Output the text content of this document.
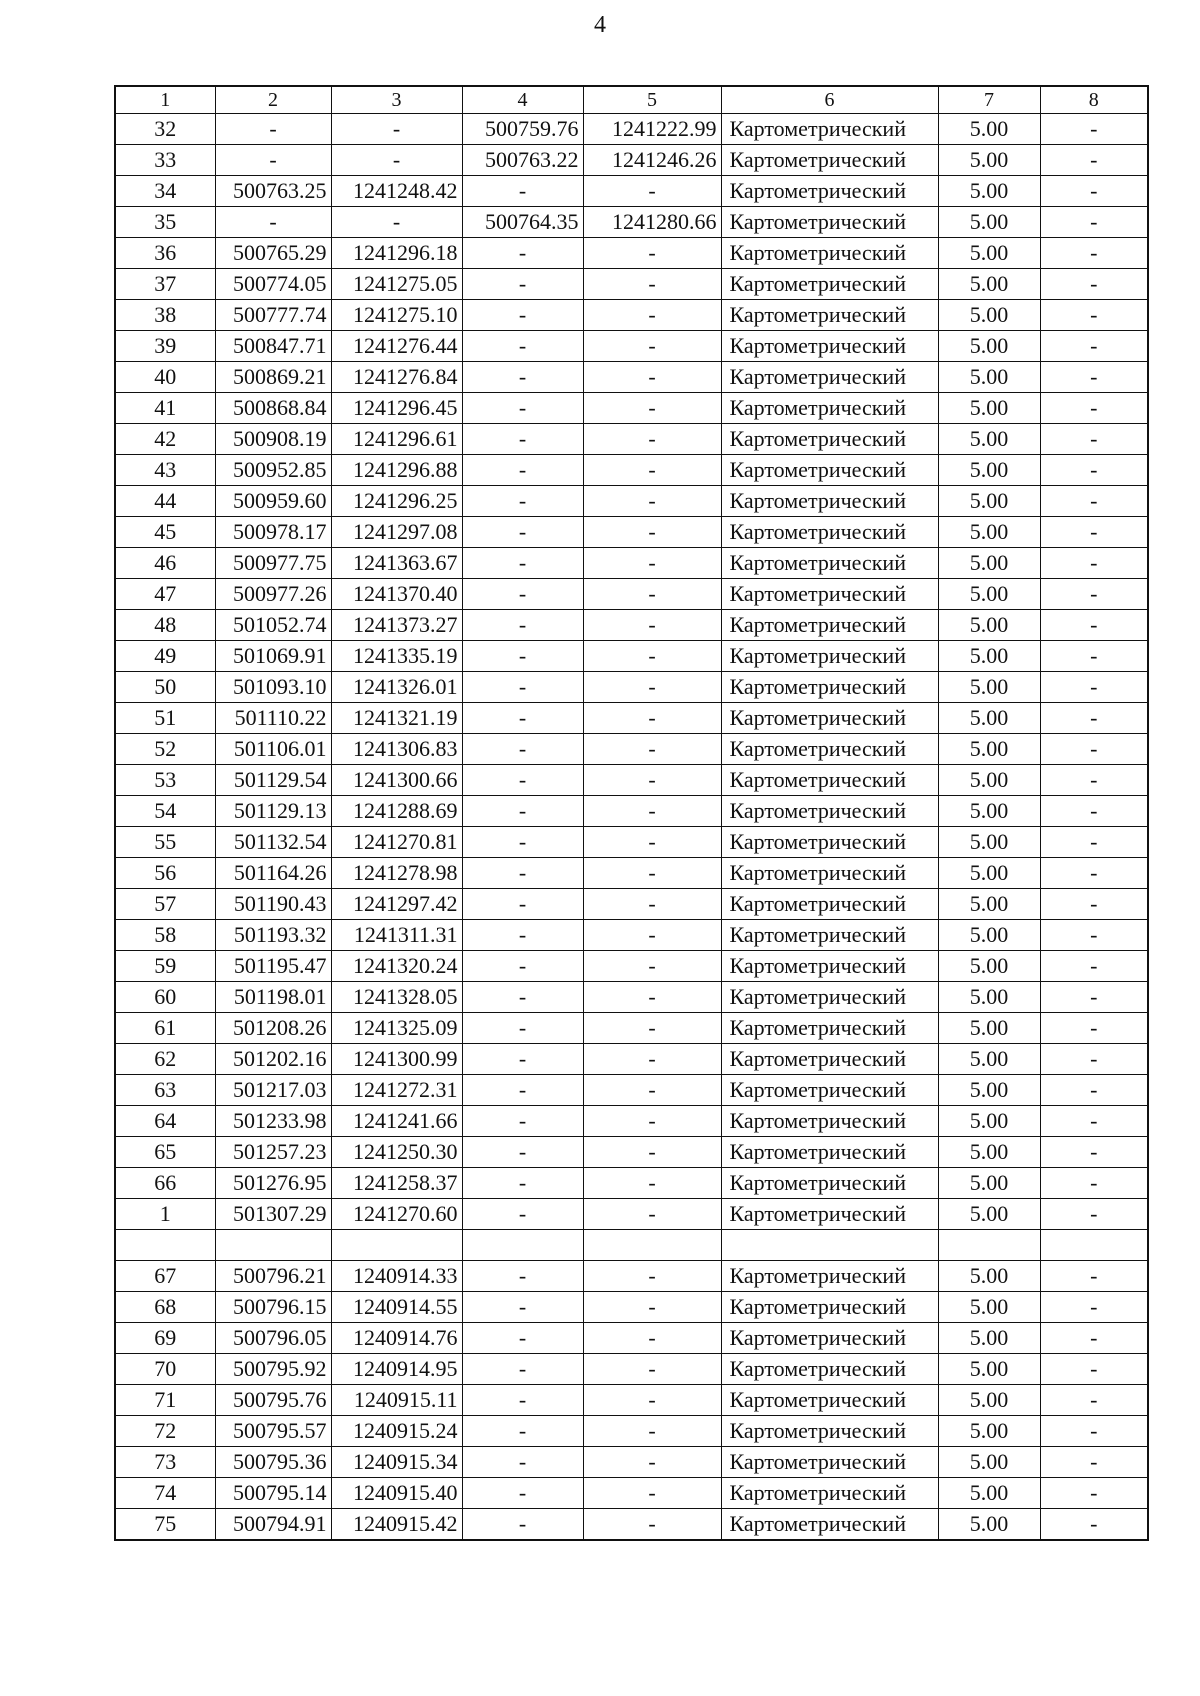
4
1	2	3	4	5	6	7	8
32	-	-	500759.76	1241222.99	Картометрический	5.00	-
33	-	-	500763.22	1241246.26	Картометрический	5.00	-
34	500763.25	1241248.42	-	-	Картометрический	5.00	-
35	-	-	500764.35	1241280.66	Картометрический	5.00	-
36	500765.29	1241296.18	-	-	Картометрический	5.00	-
37	500774.05	1241275.05	-	-	Картометрический	5.00	-
38	500777.74	1241275.10	-	-	Картометрический	5.00	-
39	500847.71	1241276.44	-	-	Картометрический	5.00	-
40	500869.21	1241276.84	-	-	Картометрический	5.00	-
41	500868.84	1241296.45	-	-	Картометрический	5.00	-
42	500908.19	1241296.61	-	-	Картометрический	5.00	-
43	500952.85	1241296.88	-	-	Картометрический	5.00	-
44	500959.60	1241296.25	-	-	Картометрический	5.00	-
45	500978.17	1241297.08	-	-	Картометрический	5.00	-
46	500977.75	1241363.67	-	-	Картометрический	5.00	-
47	500977.26	1241370.40	-	-	Картометрический	5.00	-
48	501052.74	1241373.27	-	-	Картометрический	5.00	-
49	501069.91	1241335.19	-	-	Картометрический	5.00	-
50	501093.10	1241326.01	-	-	Картометрический	5.00	-
51	501110.22	1241321.19	-	-	Картометрический	5.00	-
52	501106.01	1241306.83	-	-	Картометрический	5.00	-
53	501129.54	1241300.66	-	-	Картометрический	5.00	-
54	501129.13	1241288.69	-	-	Картометрический	5.00	-
55	501132.54	1241270.81	-	-	Картометрический	5.00	-
56	501164.26	1241278.98	-	-	Картометрический	5.00	-
57	501190.43	1241297.42	-	-	Картометрический	5.00	-
58	501193.32	1241311.31	-	-	Картометрический	5.00	-
59	501195.47	1241320.24	-	-	Картометрический	5.00	-
60	501198.01	1241328.05	-	-	Картометрический	5.00	-
61	501208.26	1241325.09	-	-	Картометрический	5.00	-
62	501202.16	1241300.99	-	-	Картометрический	5.00	-
63	501217.03	1241272.31	-	-	Картометрический	5.00	-
64	501233.98	1241241.66	-	-	Картометрический	5.00	-
65	501257.23	1241250.30	-	-	Картометрический	5.00	-
66	501276.95	1241258.37	-	-	Картометрический	5.00	-
1	501307.29	1241270.60	-	-	Картометрический	5.00	-

67	500796.21	1240914.33	-	-	Картометрический	5.00	-
68	500796.15	1240914.55	-	-	Картометрический	5.00	-
69	500796.05	1240914.76	-	-	Картометрический	5.00	-
70	500795.92	1240914.95	-	-	Картометрический	5.00	-
71	500795.76	1240915.11	-	-	Картометрический	5.00	-
72	500795.57	1240915.24	-	-	Картометрический	5.00	-
73	500795.36	1240915.34	-	-	Картометрический	5.00	-
74	500795.14	1240915.40	-	-	Картометрический	5.00	-
75	500794.91	1240915.42	-	-	Картометрический	5.00	-
